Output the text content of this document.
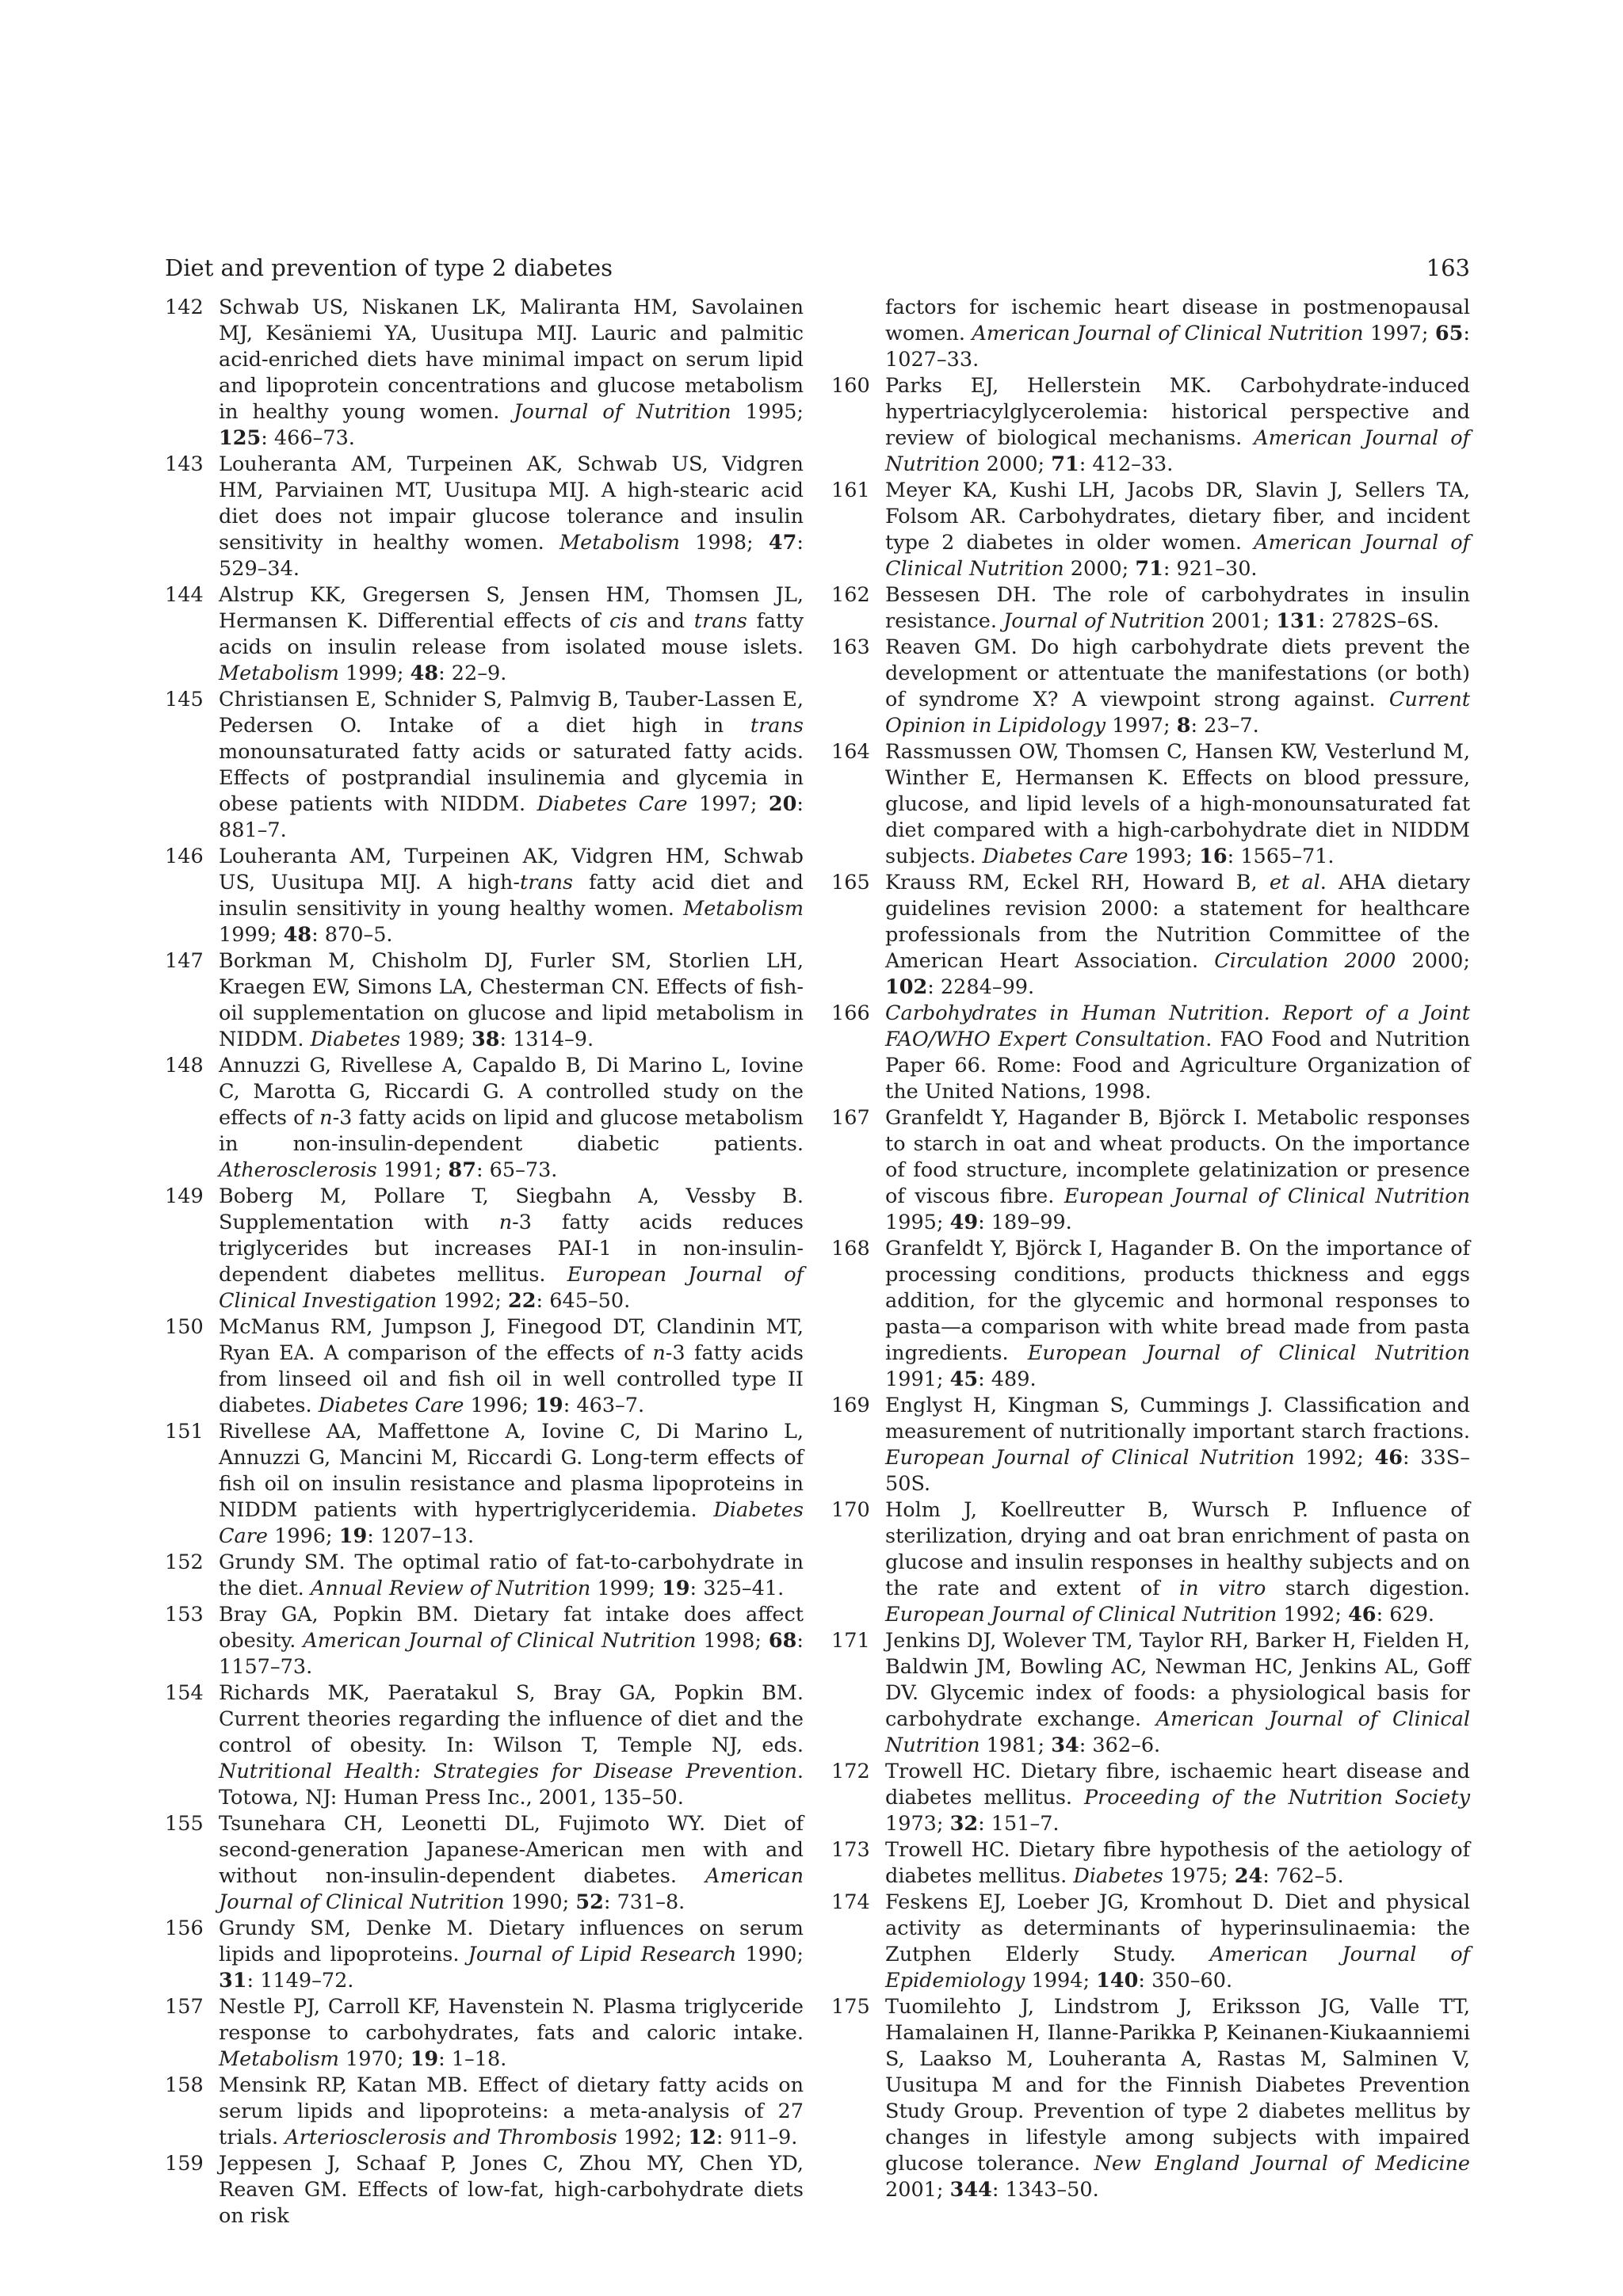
Diet and prevention of type 2 diabetes	163
142 Schwab US, Niskanen LK, Maliranta HM, Savolainen MJ, Kesäniemi YA, Uusitupa MIJ. Lauric and palmitic acid-enriched diets have minimal impact on serum lipid and lipoprotein concentrations and glucose metabolism in healthy young women. Journal of Nutrition 1995; 125: 466–73.
143 Louheranta AM, Turpeinen AK, Schwab US, Vidgren HM, Parviainen MT, Uusitupa MIJ. A high-stearic acid diet does not impair glucose tolerance and insulin sensitivity in healthy women. Metabolism 1998; 47: 529–34.
144 Alstrup KK, Gregersen S, Jensen HM, Thomsen JL, Hermansen K. Differential effects of cis and trans fatty acids on insulin release from isolated mouse islets. Metabolism 1999; 48: 22–9.
145 Christiansen E, Schnider S, Palmvig B, Tauber-Lassen E, Pedersen O. Intake of a diet high in trans monounsaturated fatty acids or saturated fatty acids. Effects of postprandial insulinemia and glycemia in obese patients with NIDDM. Diabetes Care 1997; 20: 881–7.
146 Louheranta AM, Turpeinen AK, Vidgren HM, Schwab US, Uusitupa MIJ. A high-trans fatty acid diet and insulin sensitivity in young healthy women. Metabolism 1999; 48: 870–5.
147 Borkman M, Chisholm DJ, Furler SM, Storlien LH, Kraegen EW, Simons LA, Chesterman CN. Effects of fish-oil supplementation on glucose and lipid metabolism in NIDDM. Diabetes 1989; 38: 1314–9.
148 Annuzzi G, Rivellese A, Capaldo B, Di Marino L, Iovine C, Marotta G, Riccardi G. A controlled study on the effects of n-3 fatty acids on lipid and glucose metabolism in non-insulin-dependent diabetic patients. Atherosclerosis 1991; 87: 65–73.
149 Boberg M, Pollare T, Siegbahn A, Vessby B. Supplementation with n-3 fatty acids reduces triglycerides but increases PAI-1 in non-insulin-dependent diabetes mellitus. European Journal of Clinical Investigation 1992; 22: 645–50.
150 McManus RM, Jumpson J, Finegood DT, Clandinin MT, Ryan EA. A comparison of the effects of n-3 fatty acids from linseed oil and fish oil in well controlled type II diabetes. Diabetes Care 1996; 19: 463–7.
151 Rivellese AA, Maffettone A, Iovine C, Di Marino L, Annuzzi G, Mancini M, Riccardi G. Long-term effects of fish oil on insulin resistance and plasma lipoproteins in NIDDM patients with hypertriglyceridemia. Diabetes Care 1996; 19: 1207–13.
152 Grundy SM. The optimal ratio of fat-to-carbohydrate in the diet. Annual Review of Nutrition 1999; 19: 325–41.
153 Bray GA, Popkin BM. Dietary fat intake does affect obesity. American Journal of Clinical Nutrition 1998; 68: 1157–73.
154 Richards MK, Paeratakul S, Bray GA, Popkin BM. Current theories regarding the influence of diet and the control of obesity. In: Wilson T, Temple NJ, eds. Nutritional Health: Strategies for Disease Prevention. Totowa, NJ: Human Press Inc., 2001, 135–50.
155 Tsunehara CH, Leonetti DL, Fujimoto WY. Diet of second-generation Japanese-American men with and without non-insulin-dependent diabetes. American Journal of Clinical Nutrition 1990; 52: 731–8.
156 Grundy SM, Denke M. Dietary influences on serum lipids and lipoproteins. Journal of Lipid Research 1990; 31: 1149–72.
157 Nestle PJ, Carroll KF, Havenstein N. Plasma triglyceride response to carbohydrates, fats and caloric intake. Metabolism 1970; 19: 1–18.
158 Mensink RP, Katan MB. Effect of dietary fatty acids on serum lipids and lipoproteins: a meta-analysis of 27 trials. Arteriosclerosis and Thrombosis 1992; 12: 911–9.
159 Jeppesen J, Schaaf P, Jones C, Zhou MY, Chen YD, Reaven GM. Effects of low-fat, high-carbohydrate diets on risk
factors for ischemic heart disease in postmenopausal women. American Journal of Clinical Nutrition 1997; 65: 1027–33.
160 Parks EJ, Hellerstein MK. Carbohydrate-induced hypertriacylglycerolemia: historical perspective and review of biological mechanisms. American Journal of Nutrition 2000; 71: 412–33.
161 Meyer KA, Kushi LH, Jacobs DR, Slavin J, Sellers TA, Folsom AR. Carbohydrates, dietary fiber, and incident type 2 diabetes in older women. American Journal of Clinical Nutrition 2000; 71: 921–30.
162 Bessesen DH. The role of carbohydrates in insulin resistance. Journal of Nutrition 2001; 131: 2782S–6S.
163 Reaven GM. Do high carbohydrate diets prevent the development or attentuate the manifestations (or both) of syndrome X? A viewpoint strong against. Current Opinion in Lipidology 1997; 8: 23–7.
164 Rassmussen OW, Thomsen C, Hansen KW, Vesterlund M, Winther E, Hermansen K. Effects on blood pressure, glucose, and lipid levels of a high-monounsaturated fat diet compared with a high-carbohydrate diet in NIDDM subjects. Diabetes Care 1993; 16: 1565–71.
165 Krauss RM, Eckel RH, Howard B, et al. AHA dietary guidelines revision 2000: a statement for healthcare professionals from the Nutrition Committee of the American Heart Association. Circulation 2000 2000; 102: 2284–99.
166 Carbohydrates in Human Nutrition. Report of a Joint FAO/WHO Expert Consultation. FAO Food and Nutrition Paper 66. Rome: Food and Agriculture Organization of the United Nations, 1998.
167 Granfeldt Y, Hagander B, Björck I. Metabolic responses to starch in oat and wheat products. On the importance of food structure, incomplete gelatinization or presence of viscous fibre. European Journal of Clinical Nutrition 1995; 49: 189–99.
168 Granfeldt Y, Björck I, Hagander B. On the importance of processing conditions, products thickness and eggs addition, for the glycemic and hormonal responses to pasta—a comparison with white bread made from pasta ingredients. European Journal of Clinical Nutrition 1991; 45: 489.
169 Englyst H, Kingman S, Cummings J. Classification and measurement of nutritionally important starch fractions. European Journal of Clinical Nutrition 1992; 46: 33S–50S.
170 Holm J, Koellreutter B, Wursch P. Influence of sterilization, drying and oat bran enrichment of pasta on glucose and insulin responses in healthy subjects and on the rate and extent of in vitro starch digestion. European Journal of Clinical Nutrition 1992; 46: 629.
171 Jenkins DJ, Wolever TM, Taylor RH, Barker H, Fielden H, Baldwin JM, Bowling AC, Newman HC, Jenkins AL, Goff DV. Glycemic index of foods: a physiological basis for carbohydrate exchange. American Journal of Clinical Nutrition 1981; 34: 362–6.
172 Trowell HC. Dietary fibre, ischaemic heart disease and diabetes mellitus. Proceeding of the Nutrition Society 1973; 32: 151–7.
173 Trowell HC. Dietary fibre hypothesis of the aetiology of diabetes mellitus. Diabetes 1975; 24: 762–5.
174 Feskens EJ, Loeber JG, Kromhout D. Diet and physical activity as determinants of hyperinsulinaemia: the Zutphen Elderly Study. American Journal of Epidemiology 1994; 140: 350–60.
175 Tuomilehto J, Lindstrom J, Eriksson JG, Valle TT, Hamalainen H, Ilanne-Parikka P, Keinanen-Kiukaanniemi S, Laakso M, Louheranta A, Rastas M, Salminen V, Uusitupa M and for the Finnish Diabetes Prevention Study Group. Prevention of type 2 diabetes mellitus by changes in lifestyle among subjects with impaired glucose tolerance. New England Journal of Medicine 2001; 344: 1343–50.
